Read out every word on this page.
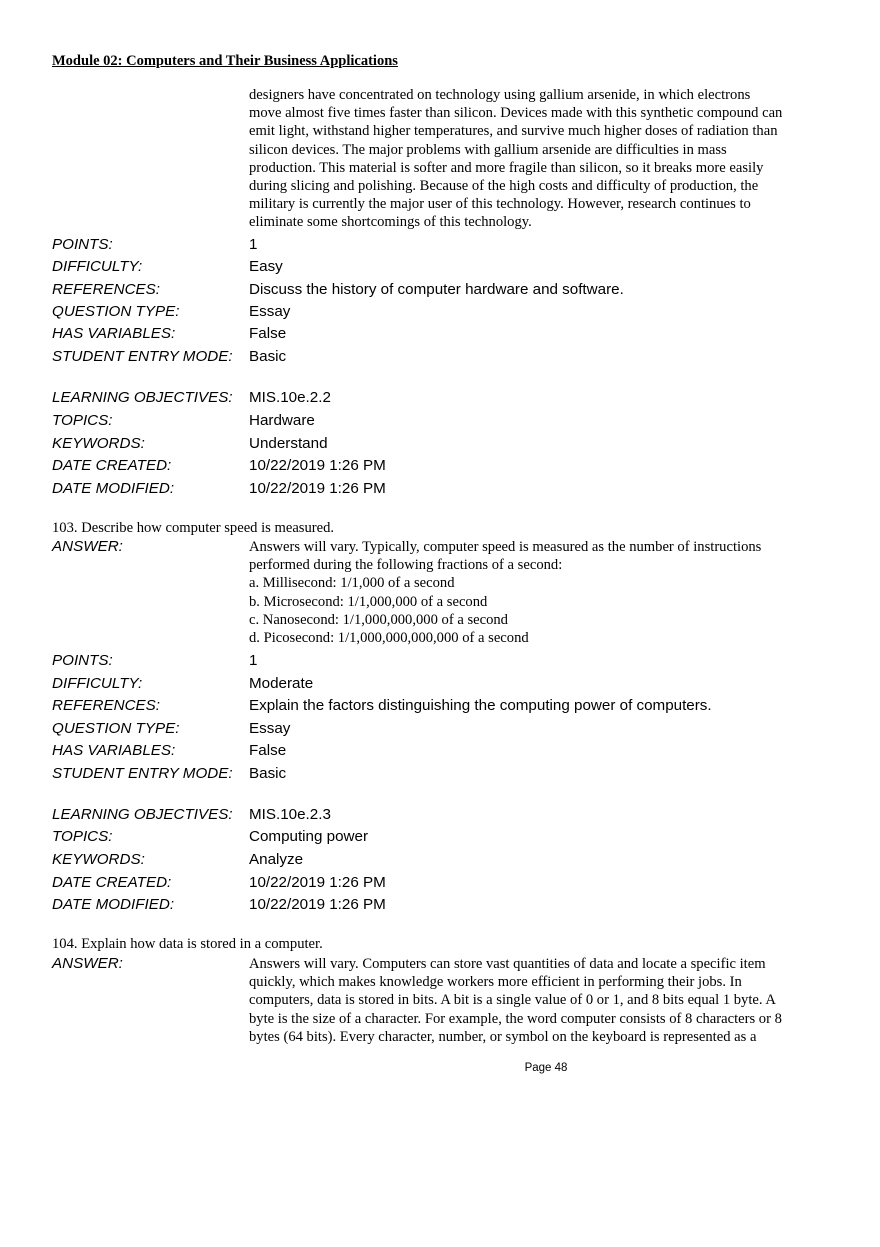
Module 02: Computers and Their Business Applications
designers have concentrated on technology using gallium arsenide, in which electrons
move almost five times faster than silicon. Devices made with this synthetic compound can
emit light, withstand higher temperatures, and survive much higher doses of radiation than
silicon devices. The major problems with gallium arsenide are difficulties in mass
production. This material is softer and more fragile than silicon, so it breaks more easily
during slicing and polishing. Because of the high costs and difficulty of production, the
military is currently the major user of this technology. However, research continues to
eliminate some shortcomings of this technology.
POINTS:	1
DIFFICULTY:	Easy
REFERENCES:	Discuss the history of computer hardware and software.
QUESTION TYPE:	Essay
HAS VARIABLES:	False
STUDENT ENTRY MODE: Basic
LEARNING OBJECTIVES: MIS.10e.2.2
TOPICS:	Hardware
KEYWORDS:	Understand
DATE CREATED:	10/22/2019 1:26 PM
DATE MODIFIED:	10/22/2019 1:26 PM
103. Describe how computer speed is measured.
ANSWER:	Answers will vary. Typically, computer speed is measured as the number of instructions
performed during the following fractions of a second:
a. Millisecond: 1/1,000 of a second
b. Microsecond: 1/1,000,000 of a second
c. Nanosecond: 1/1,000,000,000 of a second
d. Picosecond: 1/1,000,000,000,000 of a second
POINTS:	1
DIFFICULTY:	Moderate
REFERENCES:	Explain the factors distinguishing the computing power of computers.
QUESTION TYPE:	Essay
HAS VARIABLES:	False
STUDENT ENTRY MODE: Basic
LEARNING OBJECTIVES: MIS.10e.2.3
TOPICS:	Computing power
KEYWORDS:	Analyze
DATE CREATED:	10/22/2019 1:26 PM
DATE MODIFIED:	10/22/2019 1:26 PM
104. Explain how data is stored in a computer.
ANSWER:	Answers will vary. Computers can store vast quantities of data and locate a specific item
quickly, which makes knowledge workers more efficient in performing their jobs. In
computers, data is stored in bits. A bit is a single value of 0 or 1, and 8 bits equal 1 byte. A
byte is the size of a character. For example, the word computer consists of 8 characters or 8
bytes (64 bits). Every character, number, or symbol on the keyboard is represented as a
Page 48
